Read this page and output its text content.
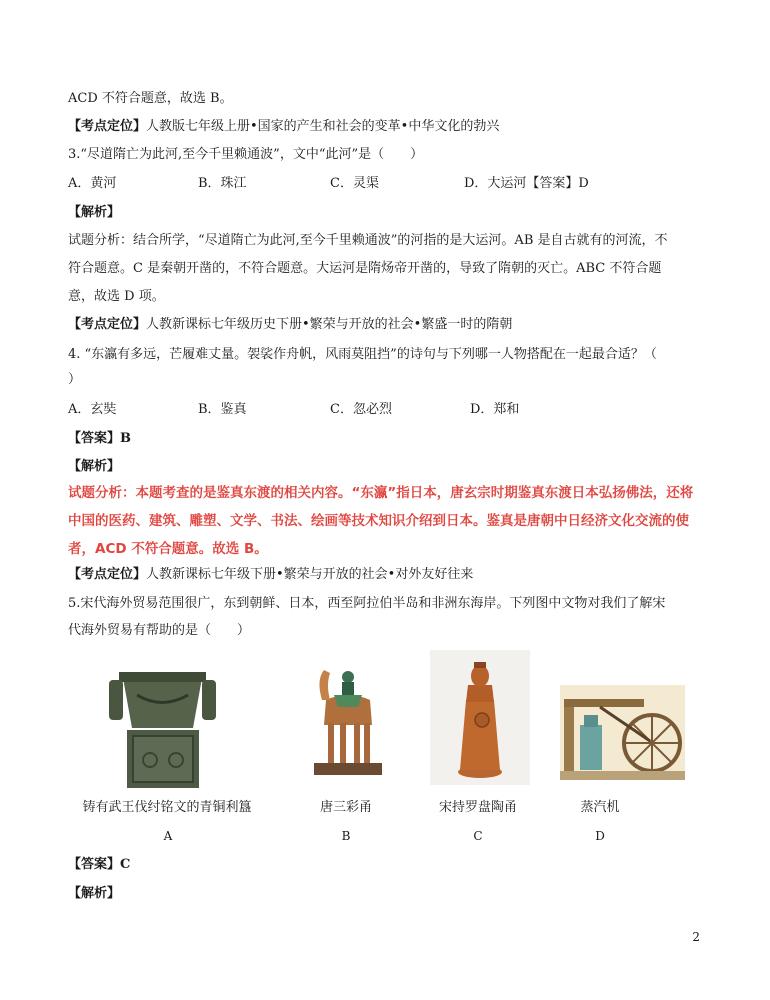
ACD 不符合题意，故选 B。
【考点定位】人教版七年级上册•国家的产生和社会的变革•中华文化的勃兴
3.“尽道隋亡为此河,至今千里赖通波”，文中“此河”是（　　）
A．黄河	B．珠江	C．灵渠	D．大运河【答案】D
【解析】
试题分析：结合所学，“尽道隋亡为此河,至今千里赖通波”的河指的是大运河。AB 是自古就有的河流，不
符合题意。C 是秦朝开凿的，不符合题意。大运河是隋炀帝开凿的，导致了隋朝的灭亡。ABC 不符合题
意，故选 D 项。
【考点定位】人教新课标七年级历史下册•繁荣与开放的社会•繁盛一时的隋朝
4. “东瀛有多远，芒履难丈量。袈裟作舟帆，风雨莫阻挡”的诗句与下列哪一人物搭配在一起最合适？（
）
A．玄奘	B．鉴真	C．忽必烈	D．郑和
【答案】B
【解析】
试题分析：本题考查的是鉴真东渡的相关内容。“东瀛”指日本，唐玄宗时期鉴真东渡日本弘扬佛法，还将
中国的医药、建筑、雕塑、文学、书法、绘画等技术知识介绍到日本。鉴真是唐朝中日经济文化交流的使
者，ACD 不符合题意。故选 B。
【考点定位】人教新课标七年级下册•繁荣与开放的社会•对外友好往来
5.宋代海外贸易范围很广，东到朝鲜、日本，西至阿拉伯半岛和非洲东海岸。下列图中文物对我们了解宋
代海外贸易有帮助的是（　　）
铸有武王伐纣铭文的青铜利簋	唐三彩甬	宋持罗盘陶甬	蒸汽机
A	B	C	D
【答案】C
【解析】
2
